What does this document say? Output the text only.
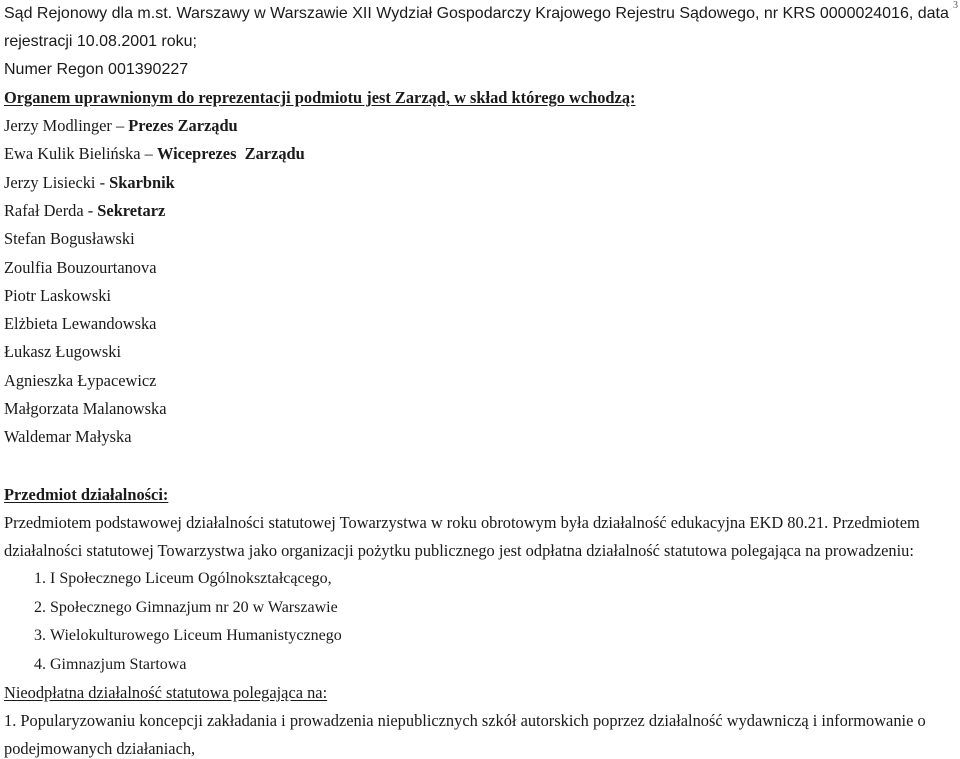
3
Sąd Rejonowy dla m.st. Warszawy w Warszawie XII Wydział Gospodarczy Krajowego Rejestru Sądowego, nr KRS 0000024016, data
rejestracji 10.08.2001 roku;
Numer Regon 001390227
Organem uprawnionym do reprezentacji podmiotu jest Zarząd, w skład którego wchodzą:
Jerzy Modlinger – Prezes Zarządu
Ewa Kulik Bielińska – Wiceprezes  Zarządu
Jerzy Lisiecki - Skarbnik
Rafał Derda - Sekretarz
Stefan Bogusławski
Zoulfia Bouzourtanova
Piotr Laskowski
Elżbieta Lewandowska
Łukasz Ługowski
Agnieszka Łypacewicz
Małgorzata Malanowska
Waldemar Małyska
Przedmiot działalności:
Przedmiotem podstawowej działalności statutowej Towarzystwa w roku obrotowym była działalność edukacyjna EKD 80.21. Przedmiotem
działalności statutowej Towarzystwa jako organizacji pożytku publicznego jest odpłatna działalność statutowa polegająca na prowadzeniu:
1. I Społecznego Liceum Ogólnokształcącego,
2. Społecznego Gimnazjum nr 20 w Warszawie
3. Wielokulturowego Liceum Humanistycznego
4. Gimnazjum Startowa
Nieodpłatna działalność statutowa polegająca na:
1. Popularyzowaniu koncepcji zakładania i prowadzenia niepublicznych szkół autorskich poprzez działalność wydawniczą i informowanie o
podejmowanych działaniach,
